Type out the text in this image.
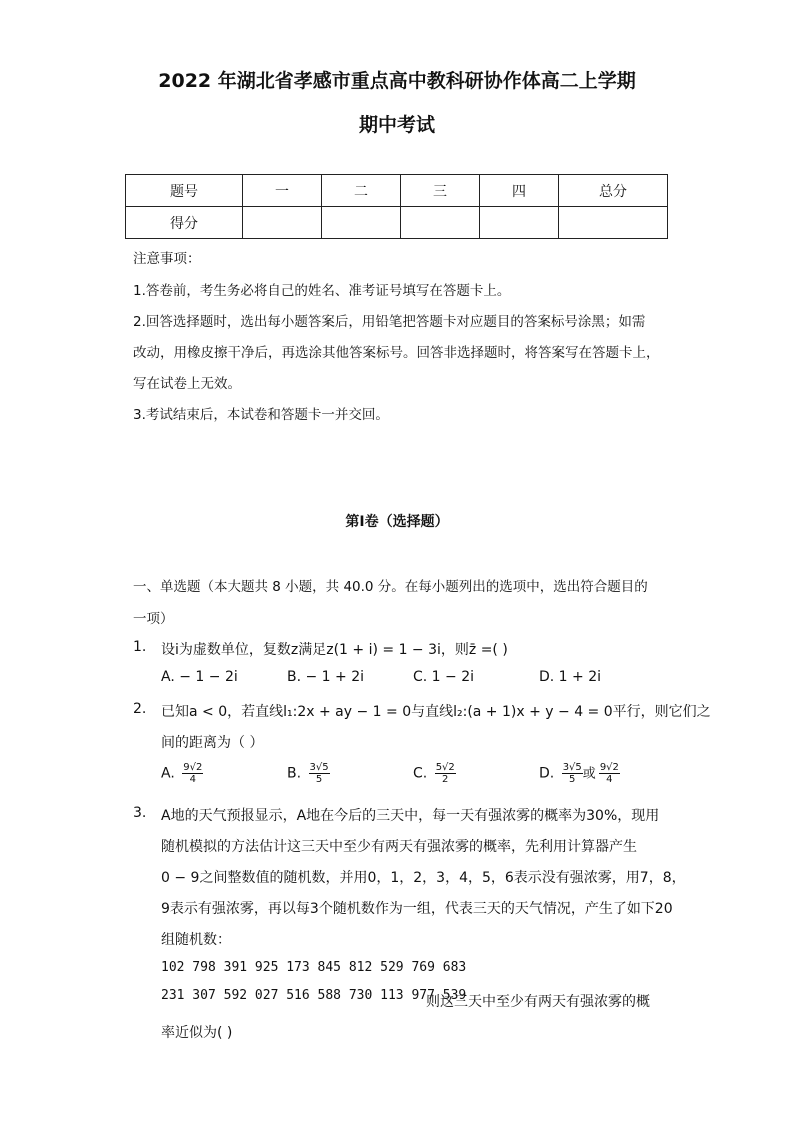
2022 年湖北省孝感市重点高中教科研协作体高二上学期
期中考试
题号	一	二	三	四	总分
得分					
注意事项：
1.答卷前，考生务必将自己的姓名、准考证号填写在答题卡上。
2.回答选择题时，选出每小题答案后，用铅笔把答题卡对应题目的答案标号涂黑；如需
改动，用橡皮擦干净后，再选涂其他答案标号。回答非选择题时，将答案写在答题卡上，
写在试卷上无效。
3.考试结束后，本试卷和答题卡一并交回。
第Ⅰ卷（选择题）
一、单选题（本大题共 8 小题，共 40.0 分。在每小题列出的选项中，选出符合题目的
一项）
1. 设i为虚数单位，复数z满足z(1 + i) = 1 − 3i，则z̄ =( )
A. − 1 − 2i	B. − 1 + 2i	C. 1 − 2i	D. 1 + 2i
2. 已知a < 0，若直线l₁:2x + ay − 1 = 0与直线l₂:(a + 1)x + y − 4 = 0平行，则它们之
间的距离为（ ）
A. $\frac{9√2}{4}$	B. $\frac{3√5}{5}$	C. $\frac{5√2}{2}$	D. $\frac{3√5}{5}$ 或 $\frac{9√2}{4}$
3. A地的天气预报显示，A地在今后的三天中，每一天有强浓雾的概率为30%，现用
随机模拟的方法估计这三天中至少有两天有强浓雾的概率，先利用计算器产生
0 − 9之间整数值的随机数，并用0，1，2，3，4，5，6表示没有强浓雾，用7，8，
9表示有强浓雾，再以每3个随机数作为一组，代表三天的天气情况，产生了如下20
组随机数：
102 798 391 925 173 845 812 529 769 683
231 307 592 027 516 588 730 113 977 539
则这三天中至少有两天有强浓雾的概
率近似为( )
